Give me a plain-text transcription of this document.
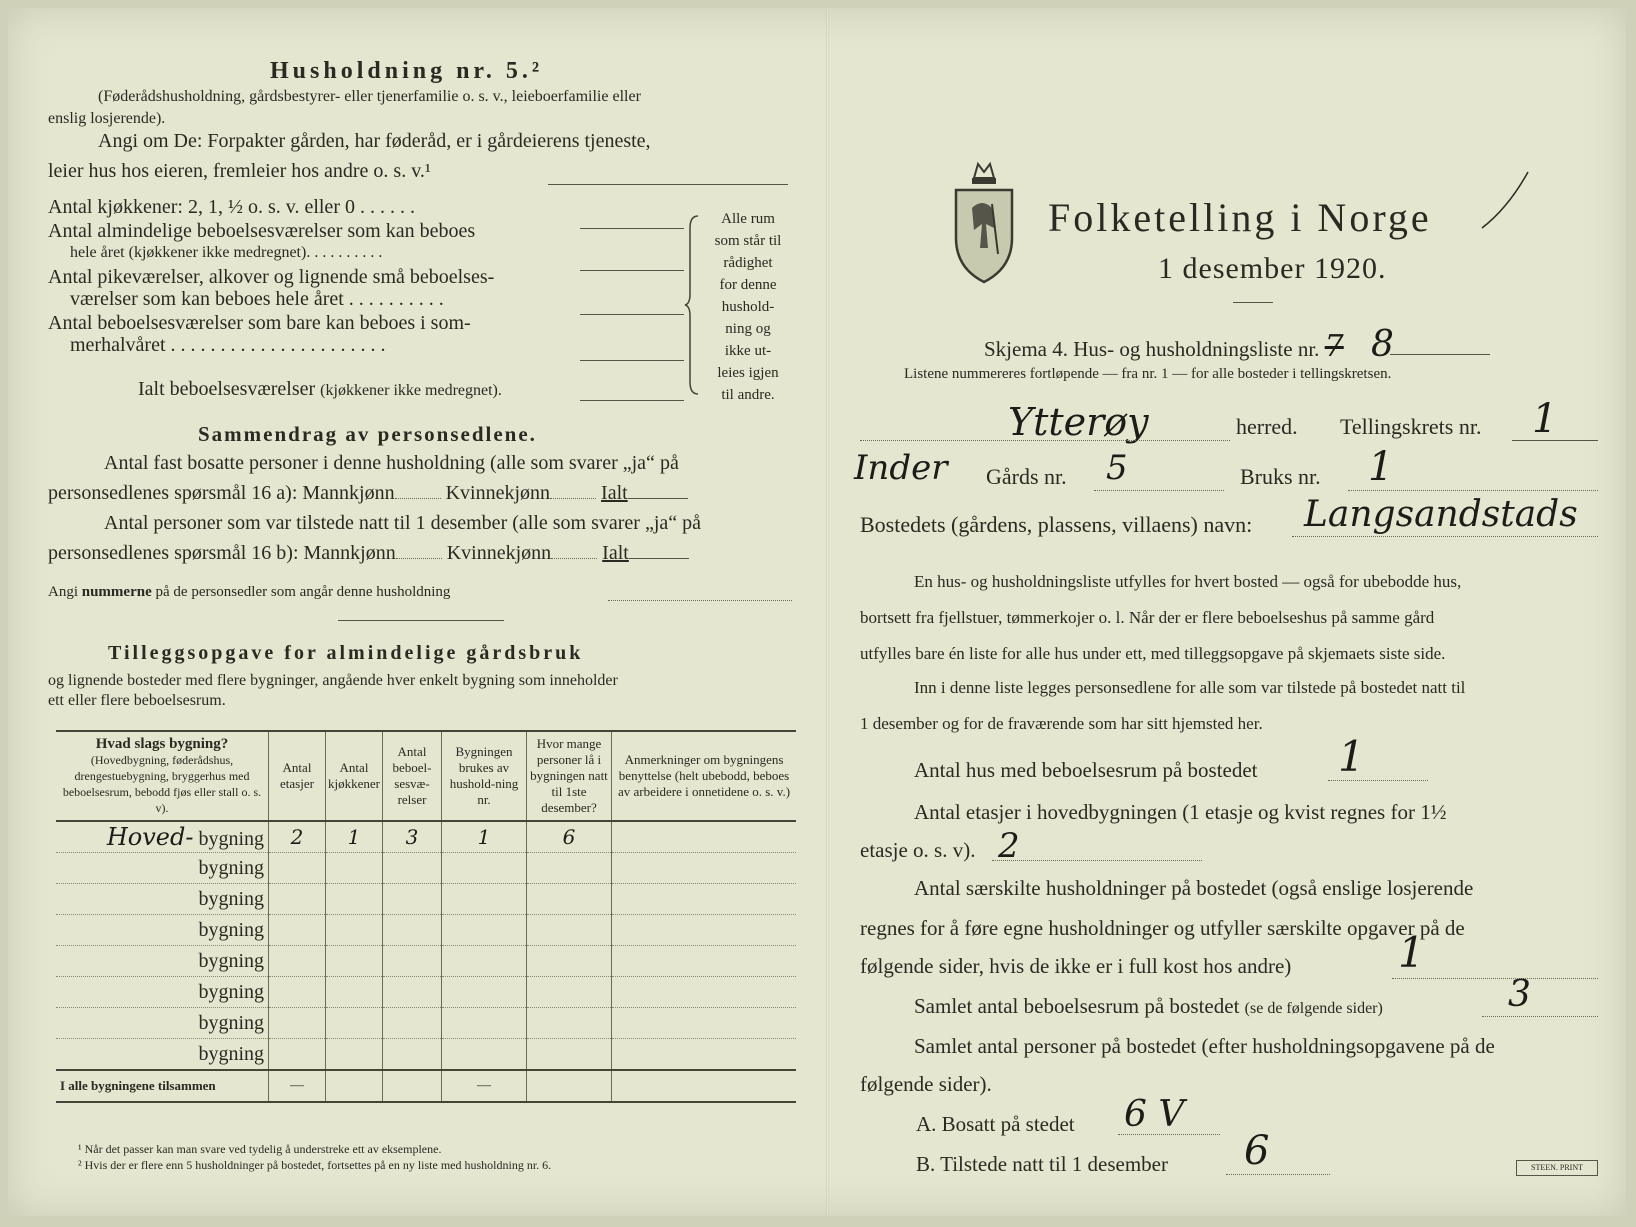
Husholdning nr. 5.²
(Føderådshusholdning, gårdsbestyrer- eller tjenerfamilie o. s. v., leieboerfamilie eller
enslig losjerende).
Angi om De: Forpakter gården, har føderåd, er i gårdeierens tjeneste,
leier hus hos eieren, fremleier hos andre o. s. v.¹
Antal kjøkkener: 2, 1, ½ o. s. v. eller 0 . . . . . .
Antal almindelige beboelsesværelser som kan beboes
hele året (kjøkkener ikke medregnet). . . . . . . . . .
Antal pikeværelser, alkover og lignende små beboelses-
værelser som kan beboes hele året . . . . . . . . . .
Antal beboelsesværelser som bare kan beboes i som-
merhalvåret . . . . . . . . . . . . . . . . . . . . . .
Ialt beboelsesværelser (kjøkkener ikke medregnet).
Alle rum
som står til
rådighet
for denne
hushold-
ning og
ikke ut-
leies igjen
til andre.
Sammendrag av personsedlene.
Antal fast bosatte personer i denne husholdning (alle som svarer „ja“ på
personsedlenes spørsmål 16 a): Mannkjønn	Kvinnekjønn	Ialt
Antal personer som var tilstede natt til 1 desember (alle som svarer „ja“ på
personsedlenes spørsmål 16 b): Mannkjønn	Kvinnekjønn	Ialt
Angi nummerne på de personsedler som angår denne husholdning
Tilleggsopgave for almindelige gårdsbruk
og lignende bosteder med flere bygninger, angående hver enkelt bygning som inneholder
ett eller flere beboelsesrum.
Hvad slags bygning?
(Hovedbygning, føderådshus, drengestuebygning, bryggerhus med beboelsesrum, bebodd fjøs eller stall o. s. v).	Antal etasjer	Antal kjøkkener	Antal beboel-sesvæ-relser	Bygningen brukes av hushold-ning nr.	Hvor mange personer lå i bygningen natt til 1ste desember?	Anmerkninger om bygningens benyttelse (helt ubebodd, beboes av arbeidere i onnetidene o. s. v.)
Hoved- bygning	2	1	3	1	6	
bygning						
bygning						
bygning						
bygning						
bygning						
bygning						
bygning						
I alle bygningene tilsammen	—			—		
¹ Når det passer kan man svare ved tydelig å understreke ett av eksemplene.
² Hvis der er flere enn 5 husholdninger på bostedet, fortsettes på en ny liste med husholdning nr. 6.
Folketelling i Norge
1 desember 1920.
Skjema 4. Hus- og husholdningsliste nr. 7 8
Listene nummereres fortløpende — fra nr. 1 — for alle bosteder i tellingskretsen.
Ytterøy	herred. Tellingskrets nr. 1
Inder Gårds nr. 5	Bruks nr. 1
Bostedets (gårdens, plassens, villaens) navn: Langsandstads
En hus- og husholdningsliste utfylles for hvert bosted — også for ubebodde hus,
bortsett fra fjellstuer, tømmerkojer o. l. Når der er flere beboelseshus på samme gård
utfylles bare én liste for alle hus under ett, med tilleggsopgave på skjemaets siste side.
Inn i denne liste legges personsedlene for alle som var tilstede på bostedet natt til
1 desember og for de fraværende som har sitt hjemsted her.
Antal hus med beboelsesrum på bostedet 1
Antal etasjer i hovedbygningen (1 etasje og kvist regnes for 1½
etasje o. s. v). 2
Antal særskilte husholdninger på bostedet (også enslige losjerende
regnes for å føre egne husholdninger og utfyller særskilte opgaver på de
følgende sider, hvis de ikke er i full kost hos andre)	1
Samlet antal beboelsesrum på bostedet (se de følgende sider)	3
Samlet antal personer på bostedet (efter husholdningsopgavene på de
følgende sider).
A. Bosatt på stedet 6 V
B. Tilstede natt til 1 desember 6	STEEN. PRINT
